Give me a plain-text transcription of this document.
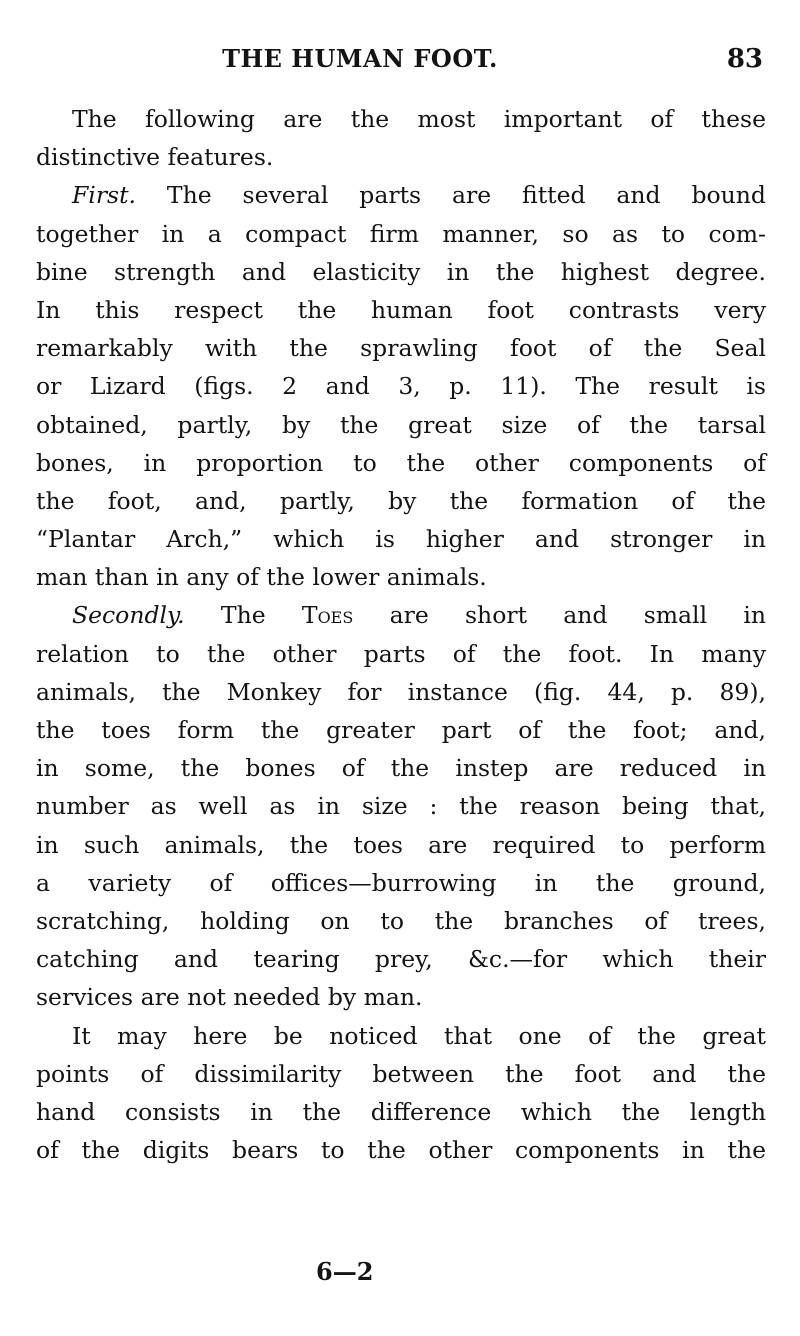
THE HUMAN FOOT.	83
The following are the most important of these
distinctive features.
First. The several parts are fitted and bound
together in a compact firm manner, so as to com-
bine strength and elasticity in the highest degree.
In this respect the human foot contrasts very
remarkably with the sprawling foot of the Seal
or Lizard (figs. 2 and 3, p. 11). The result is
obtained, partly, by the great size of the tarsal
bones, in proportion to the other components of
the foot, and, partly, by the formation of the
“Plantar Arch,” which is higher and stronger in
man than in any of the lower animals.
Secondly. The Toes are short and small in
relation to the other parts of the foot. In many
animals, the Monkey for instance (fig. 44, p. 89),
the toes form the greater part of the foot; and,
in some, the bones of the instep are reduced in
number as well as in size : the reason being that,
in such animals, the toes are required to perform
a variety of offices—burrowing in the ground,
scratching, holding on to the branches of trees,
catching and tearing prey, &c.—for which their
services are not needed by man.
It may here be noticed that one of the great
points of dissimilarity between the foot and the
hand consists in the difference which the length
of the digits bears to the other components in the
6—2
